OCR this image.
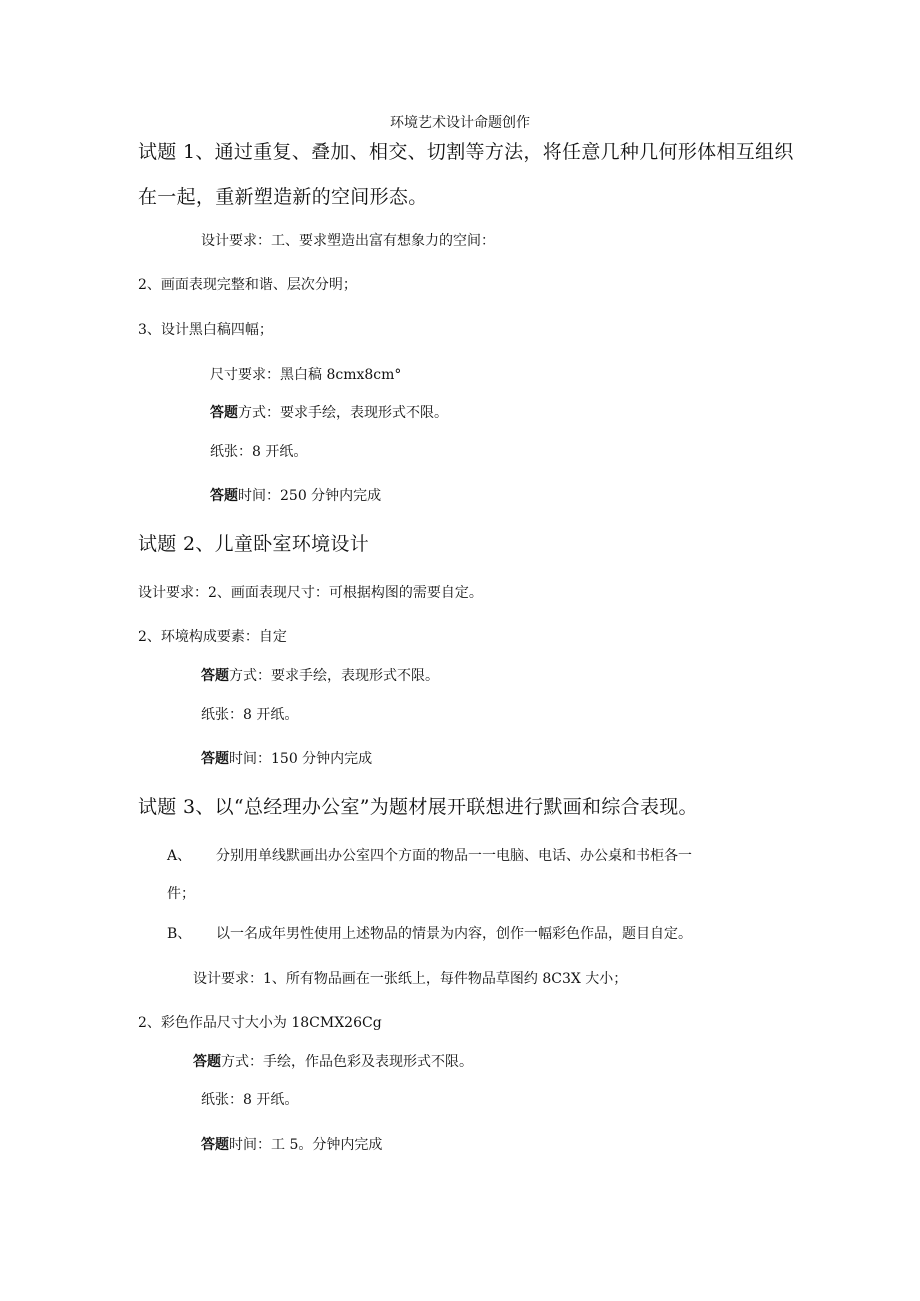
环境艺术设计命题创作
试题 1、通过重复、叠加、相交、切割等方法，将任意几种几何形体相互组织
在一起，重新塑造新的空间形态。
设计要求：工、要求塑造出富有想象力的空间：
2、画面表现完整和谐、层次分明；
3、设计黑白稿四幅；
尺寸要求：黑白稿 8cmx8cm°
答题方式：要求手绘，表现形式不限。
纸张：8 开纸。
答题时间：250 分钟内完成
试题 2、儿童卧室环境设计
设计要求：2、画面表现尺寸：可根据构图的需要自定。
2、环境构成要素：自定
答题方式：要求手绘，表现形式不限。
纸张：8 开纸。
答题时间：150 分钟内完成
试题 3、以“总经理办公室”为题材展开联想进行默画和综合表现。
A、 分别用单线默画出办公室四个方面的物品一一电脑、电话、办公桌和书柜各一
件；
B、 以一名成年男性使用上述物品的情景为内容，创作一幅彩色作品，题目自定。
设计要求：1、所有物品画在一张纸上，每件物品草图约 8C3X 大小；
2、彩色作品尺寸大小为 18CMX26Cg
答题方式：手绘，作品色彩及表现形式不限。
纸张：8 开纸。
答题时间：工 5。分钟内完成
